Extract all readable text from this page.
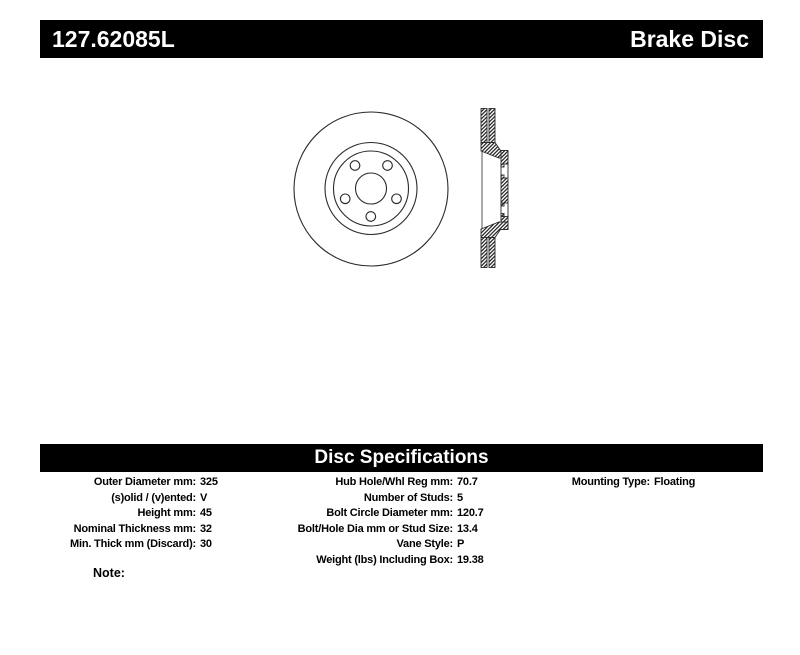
127.62085L	Brake Disc
Disc Specifications
Outer Diameter mm: 325
(s)olid / (v)ented: V
Height mm: 45
Nominal Thickness mm: 32
Min. Thick mm (Discard): 30
Hub Hole/Whl Reg mm: 70.7
Number of Studs: 5
Bolt Circle Diameter mm: 120.7
Bolt/Hole Dia mm or Stud Size: 13.4
Vane Style: P
Weight (lbs) Including Box: 19.38
Mounting Type: Floating
Note:
